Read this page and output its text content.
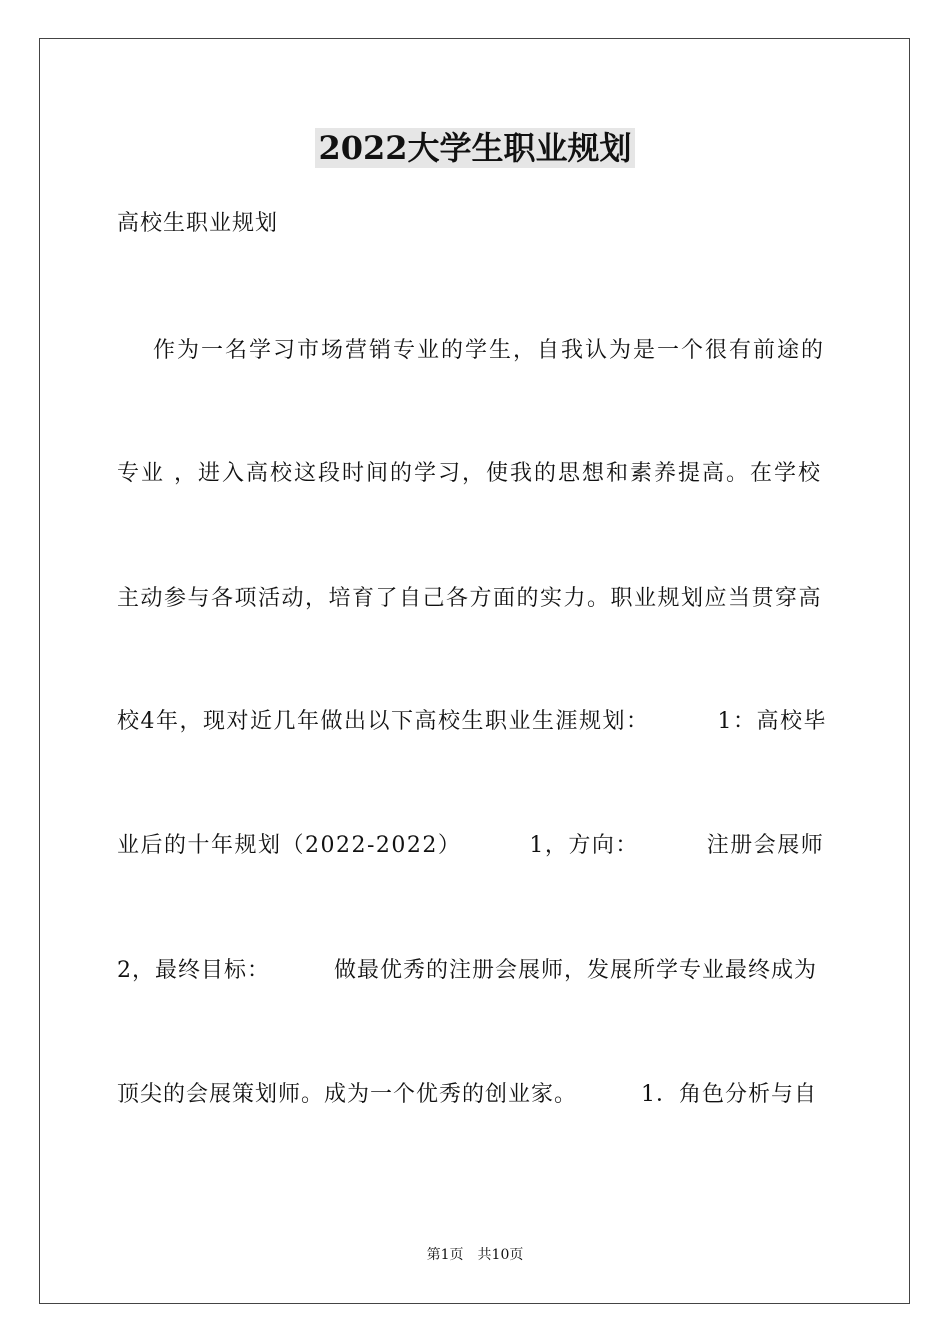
2022大学生职业规划
高校生职业规划
作为一名学习市场营销专业的学生，自我认为是一个很有前途的
专业 ，进入高校这段时间的学习，使我的思想和素养提高。在学校
主动参与各项活动，培育了自己各方面的实力。职业规划应当贯穿高
校4年，现对近几年做出以下高校生职业生涯规划：        1：高校毕
业后的十年规划（2022-2022）        1，方向：        注册会展师
2，最终目标：        做最优秀的注册会展师，发展所学专业最终成为
顶尖的会展策划师。成为一个优秀的创业家。        1．角色分析与自
第1页　共10页
